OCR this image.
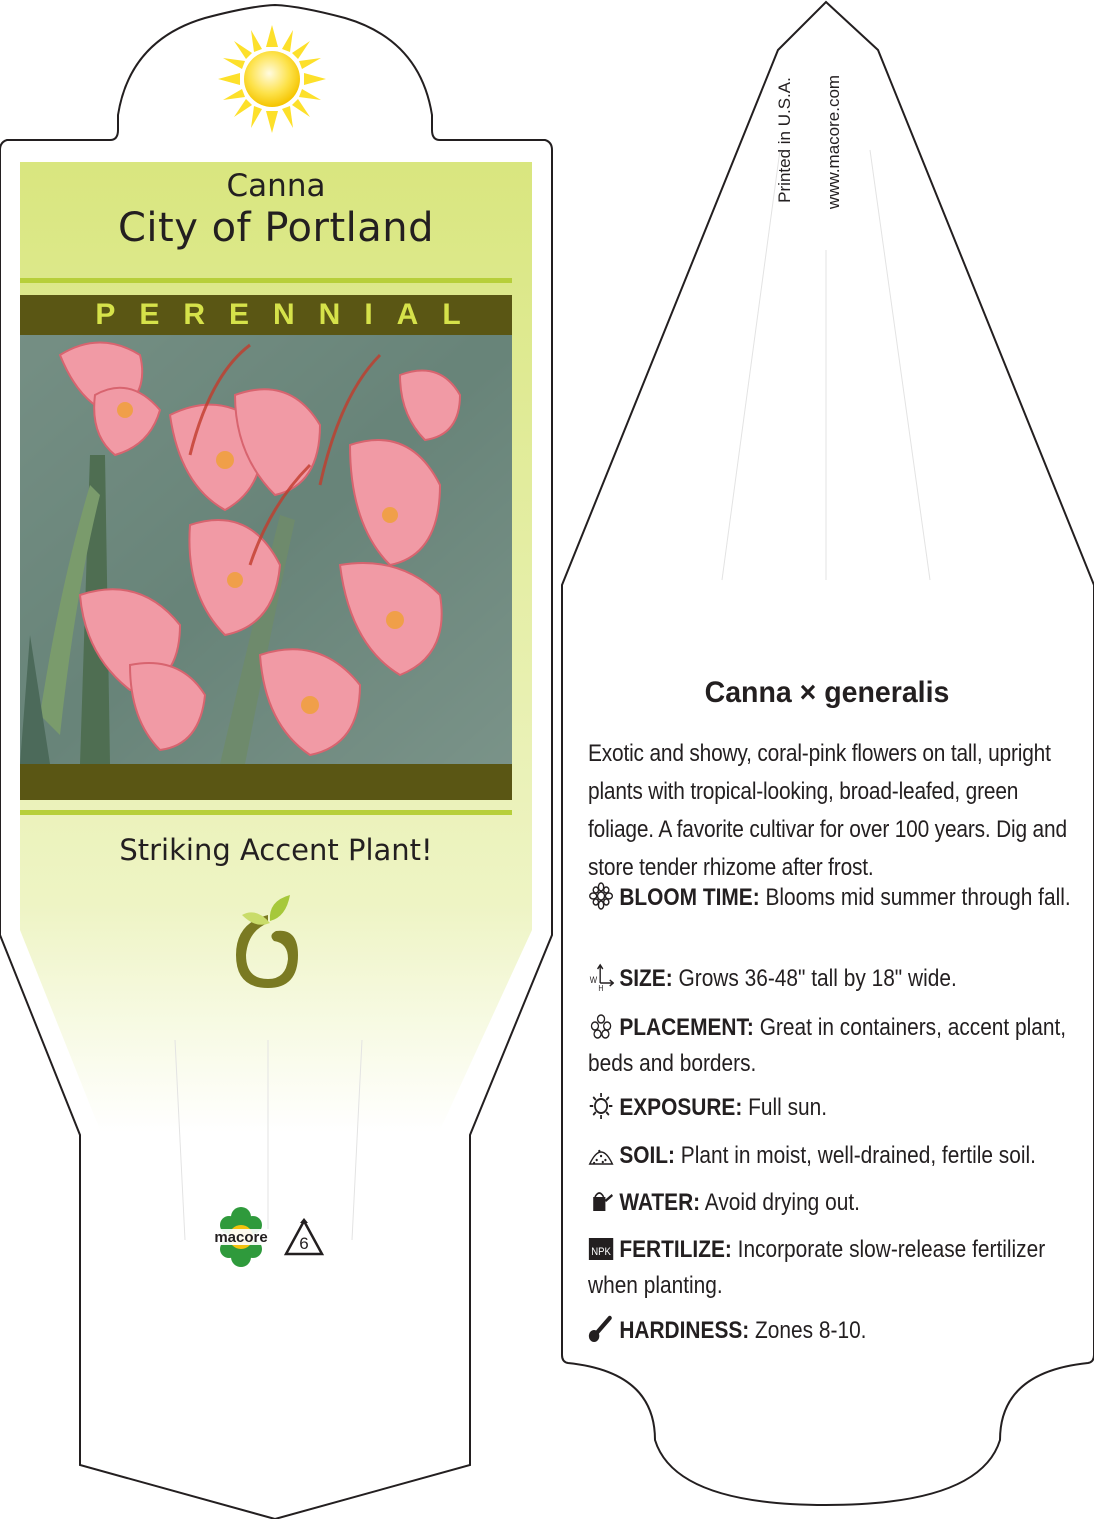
Canna
City of Portland
PERENNIAL
Striking Accent Plant!
macore 6
Printed in U.S.A. www.macore.com
Canna × generalis
Exotic and showy, coral-pink flowers on tall, upright plants with tropical-looking, broad-leafed, green foliage. A favorite cultivar for over 100 years. Dig and store tender rhizome after frost.
BLOOM TIME: Blooms mid summer through fall.
W
H SIZE: Grows 36-48" tall by 18" wide.
PLACEMENT: Great in containers, accent plant, beds and borders.
EXPOSURE: Full sun.
SOIL: Plant in moist, well-drained, fertile soil.
WATER: Avoid drying out.
NPK FERTILIZE: Incorporate slow-release fertilizer when planting.
HARDINESS: Zones 8-10.
